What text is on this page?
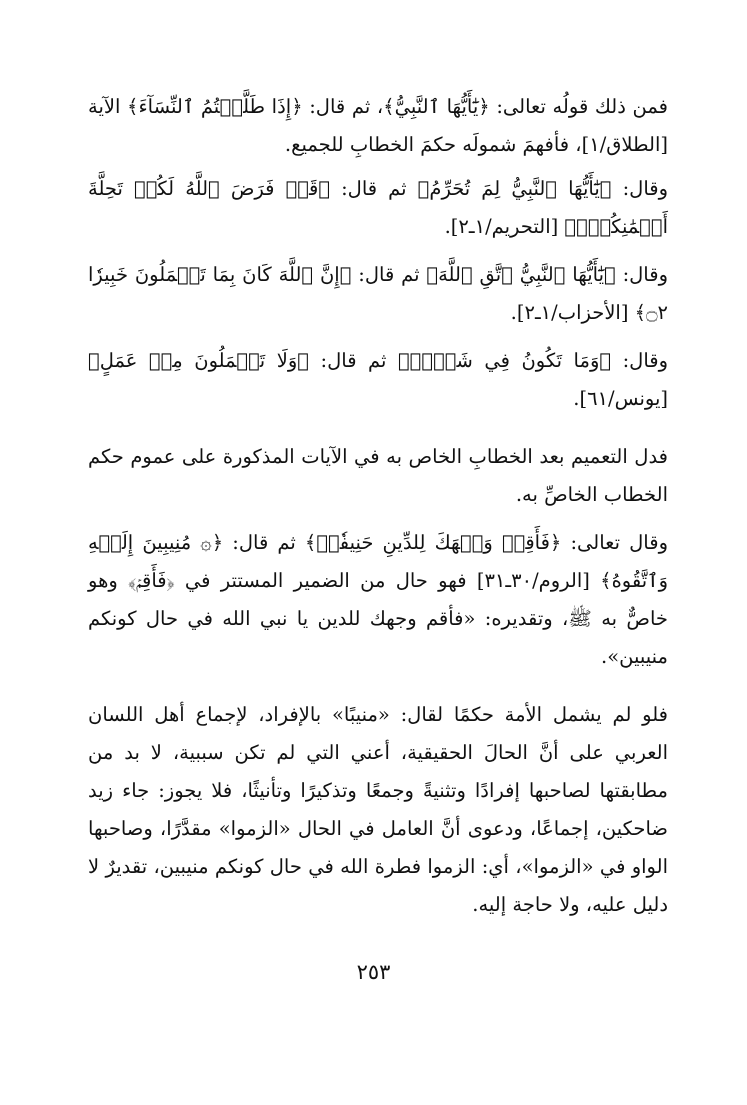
فمن ذلك قولُه تعالى: ﴿يَٰٓأَيُّهَا ٱلنَّبِيُّ﴾، ثم قال: ﴿إِذَا طَلَّقۡتُمُ ٱلنِّسَآءَ﴾ الآية [الطلاق/١]، فأفهمَ شمولَه حكمَ الخطابِ للجميع.

وقال: ﴿يَٰٓأَيُّهَا ٱلنَّبِيُّ لِمَ تُحَرِّمُ﴾ ثم قال: ﴿قَدۡ فَرَضَ ٱللَّهُ لَكُمۡ تَحِلَّةَ أَيۡمَٰنِكُمۡۚ﴾ [التحريم/١ـ٢].

وقال: ﴿يَٰٓأَيُّهَا ٱلنَّبِيُّ ٱتَّقِ ٱللَّهَ﴾ ثم قال: ﴿إِنَّ ٱللَّهَ كَانَ بِمَا تَعۡمَلُونَ خَبِيرٗا ۝٢﴾ [الأحزاب/١ـ٢].

وقال: ﴿وَمَا تَكُونُ فِي شَأۡنٖ﴾ ثم قال: ﴿وَلَا تَعۡمَلُونَ مِنۡ عَمَلٍ﴾ [يونس/٦١].

فدل التعميم بعد الخطابِ الخاص به في الآيات المذكورة على عموم حكم الخطاب الخاصِّ به.

وقال تعالى: ﴿فَأَقِمۡ وَجۡهَكَ لِلدِّينِ حَنِيفٗاۚ﴾ ثم قال: ﴿۞ مُنِيبِينَ إِلَيۡهِ وَٱتَّقُوهُ﴾ [الروم/٣٠ـ٣١] فهو حال من الضمير المستتر في ﴿فَأَقِمۡ﴾ وهو خاصٌّ به ﷺ، وتقديره: «فأقم وجهك للدين يا نبي الله في حال كونكم منيبين».

فلو لم يشمل الأمة حكمًا لقال: «منيبًا» بالإفراد، لإجماع أهل اللسان العربي على أنَّ الحالَ الحقيقية، أعني التي لم تكن سببية، لا بد من مطابقتها لصاحبها إفرادًا وتثنيةً وجمعًا وتذكيرًا وتأنيثًا، فلا يجوز: جاء زيد ضاحكين، إجماعًا، ودعوى أنَّ العامل في الحال «الزموا» مقدَّرًا، وصاحبها الواو في «الزموا»، أي: الزموا فطرة الله في حال كونكم منيبين، تقديرٌ لا دليل عليه، ولا حاجة إليه.

٢٥٣
